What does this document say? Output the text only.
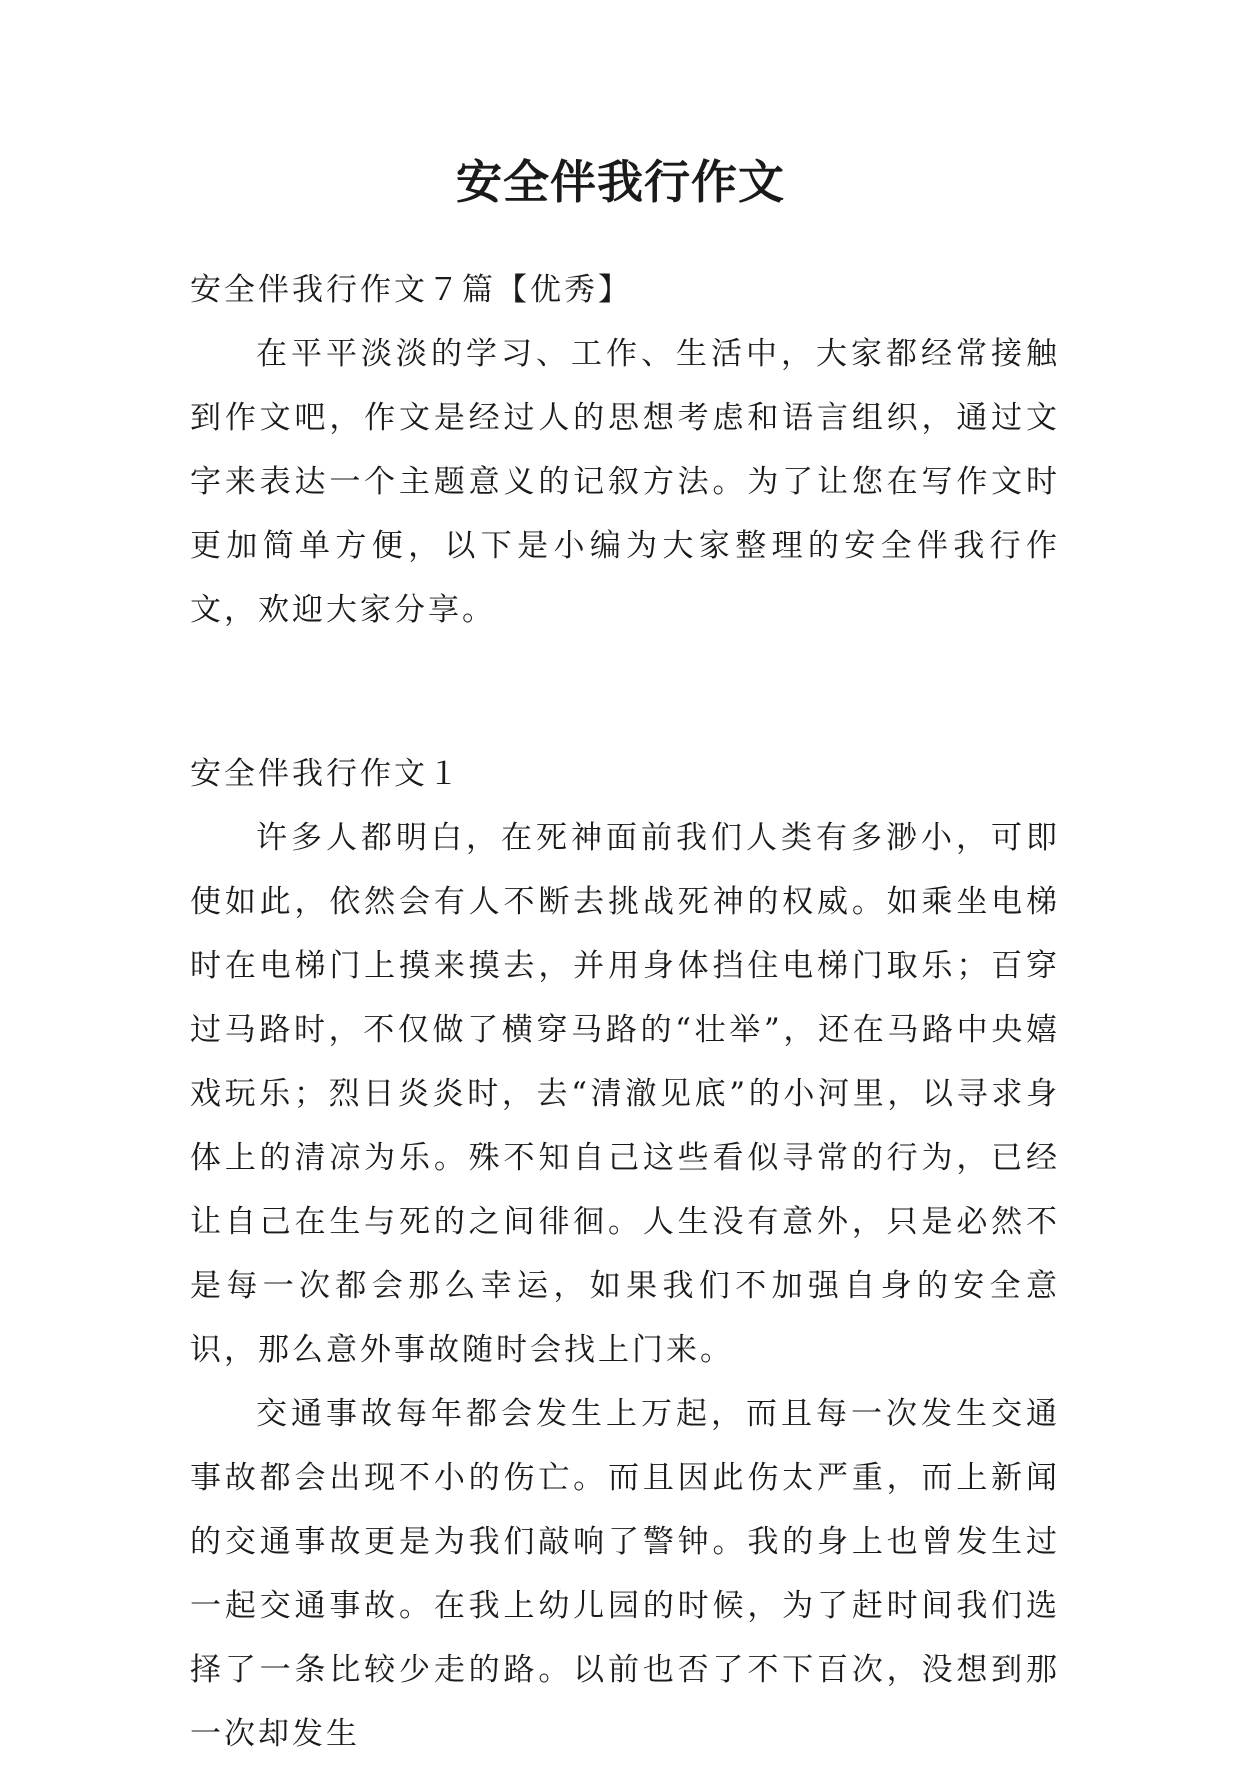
安全伴我行作文

安全伴我行作文７篇【优秀】

在平平淡淡的学习、工作、生活中，大家都经常接触到作文吧，作文是经过人的思想考虑和语言组织，通过文字来表达一个主题意义的记叙方法。为了让您在写作文时更加简单方便，以下是小编为大家整理的安全伴我行作文，欢迎大家分享。

安全伴我行作文１

许多人都明白，在死神面前我们人类有多渺小，可即使如此，依然会有人不断去挑战死神的权威。如乘坐电梯时在电梯门上摸来摸去，并用身体挡住电梯门取乐；百穿过马路时，不仅做了横穿马路的“壮举”，还在马路中央嬉戏玩乐；烈日炎炎时，去“清澈见底”的小河里，以寻求身体上的清凉为乐。殊不知自己这些看似寻常的行为，已经让自己在生与死的之间徘徊。人生没有意外，只是必然不是每一次都会那么幸运，如果我们不加强自身的安全意识，那么意外事故随时会找上门来。

交通事故每年都会发生上万起，而且每一次发生交通事故都会出现不小的伤亡。而且因此伤太严重，而上新闻的交通事故更是为我们敲响了警钟。我的身上也曾发生过一起交通事故。在我上幼儿园的时候，为了赶时间我们选择了一条比较少走的路。以前也否了不下百次，没想到那一次却发生
